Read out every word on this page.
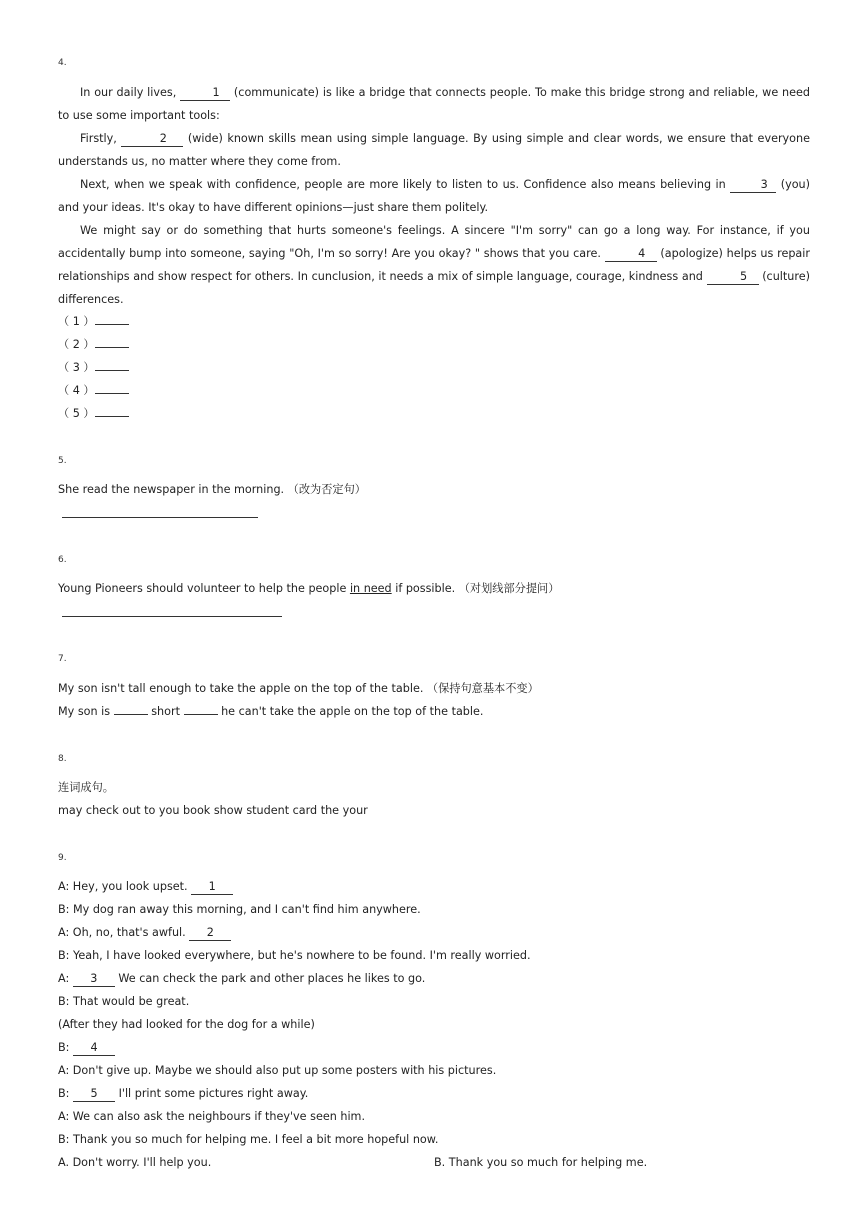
4.
In our daily lives,	1 (communicate) is like a bridge that connects people. To make this bridge strong and reliable, we need to use some important tools:
Firstly,	2 (wide) known skills mean using simple language. By using simple and clear words, we ensure that everyone understands us, no matter where they come from.
Next, when we speak with confidence, people are more likely to listen to us. Confidence also means believing in	3 (you) and your ideas. It's okay to have different opinions—just share them politely.
We might say or do something that hurts someone's feelings. A sincere "I'm sorry" can go a long way. For instance, if you accidentally bump into someone, saying "Oh, I'm so sorry! Are you okay? " shows that you care.	4 (apologize) helps us repair relationships and show respect for others. In cunclusion, it needs a mix of simple language, courage, kindness and	5 (culture) differences.
（ 1 ）
（ 2 ）
（ 3 ）
（ 4 ）
（ 5 ）
5.
She read the newspaper in the morning. （改为否定句）
6.
Young Pioneers should volunteer to help the people in need if possible. （对划线部分提问）
7.
My son isn't tall enough to take the apple on the top of the table. （保持句意基本不变）
My son is	short	he can't take the apple on the top of the table.
8.
连词成句。
may check out to you book show student card the your
9.
A: Hey, you look upset. 1
B: My dog ran away this morning, and I can't find him anywhere.
A: Oh, no, that's awful. 2
B: Yeah, I have looked everywhere, but he's nowhere to be found. I'm really worried.
A: 3 We can check the park and other places he likes to go.
B: That would be great.
(After they had looked for the dog for a while)
B: 4
A: Don't give up. Maybe we should also put up some posters with his pictures.
B: 5 I'll print some pictures right away.
A: We can also ask the neighbours if they've seen him.
B: Thank you so much for helping me. I feel a bit more hopeful now.
A. Don't worry. I'll help you.	B. Thank you so much for helping me.
